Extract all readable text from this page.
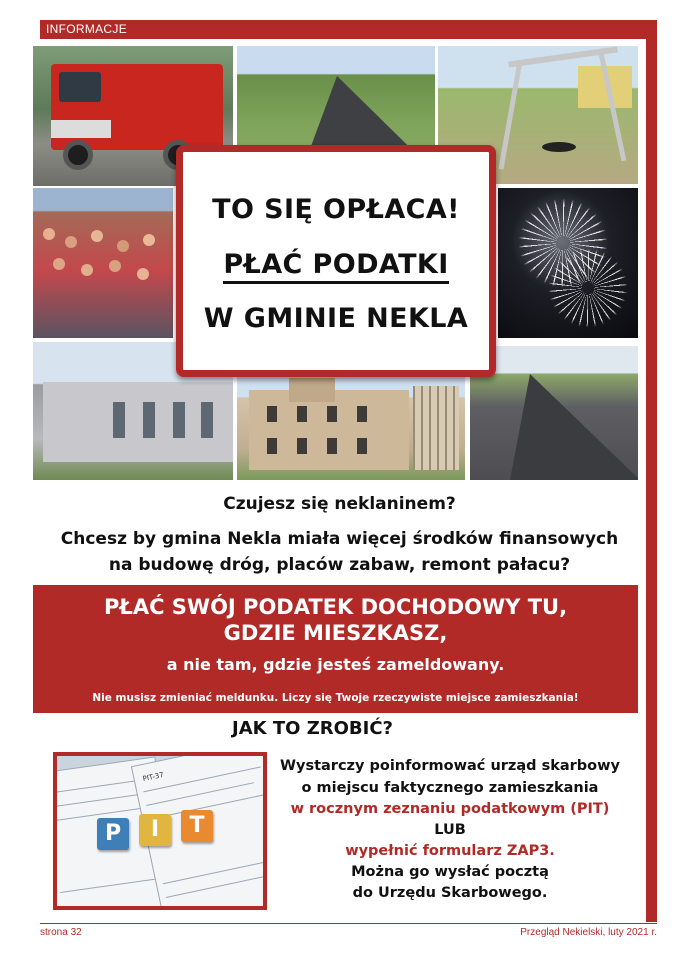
INFORMACJE
TO SIĘ OPŁACA!
PŁAĆ PODATKI
W GMINIE NEKLA
Czujesz się neklaninem?
Chcesz by gmina Nekla miała więcej środków finansowych
na budowę dróg, placów zabaw, remont pałacu?
PŁAĆ SWÓJ PODATEK DOCHODOWY TU,
GDZIE MIESZKASZ,
a nie tam, gdzie jesteś zameldowany.
Nie musisz zmieniać meldunku. Liczy się Twoje rzeczywiste miejsce zamieszkania!
JAK TO ZROBIĆ?
PIT-37
P	I	T
Wystarczy poinformować urząd skarbowy
o miejscu faktycznego zamieszkania
w rocznym zeznaniu podatkowym (PIT)
LUB
wypełnić formularz ZAP3.
Można go wysłać pocztą
do Urzędu Skarbowego.
strona 32	Przegląd Nekielski, luty 2021 r.
